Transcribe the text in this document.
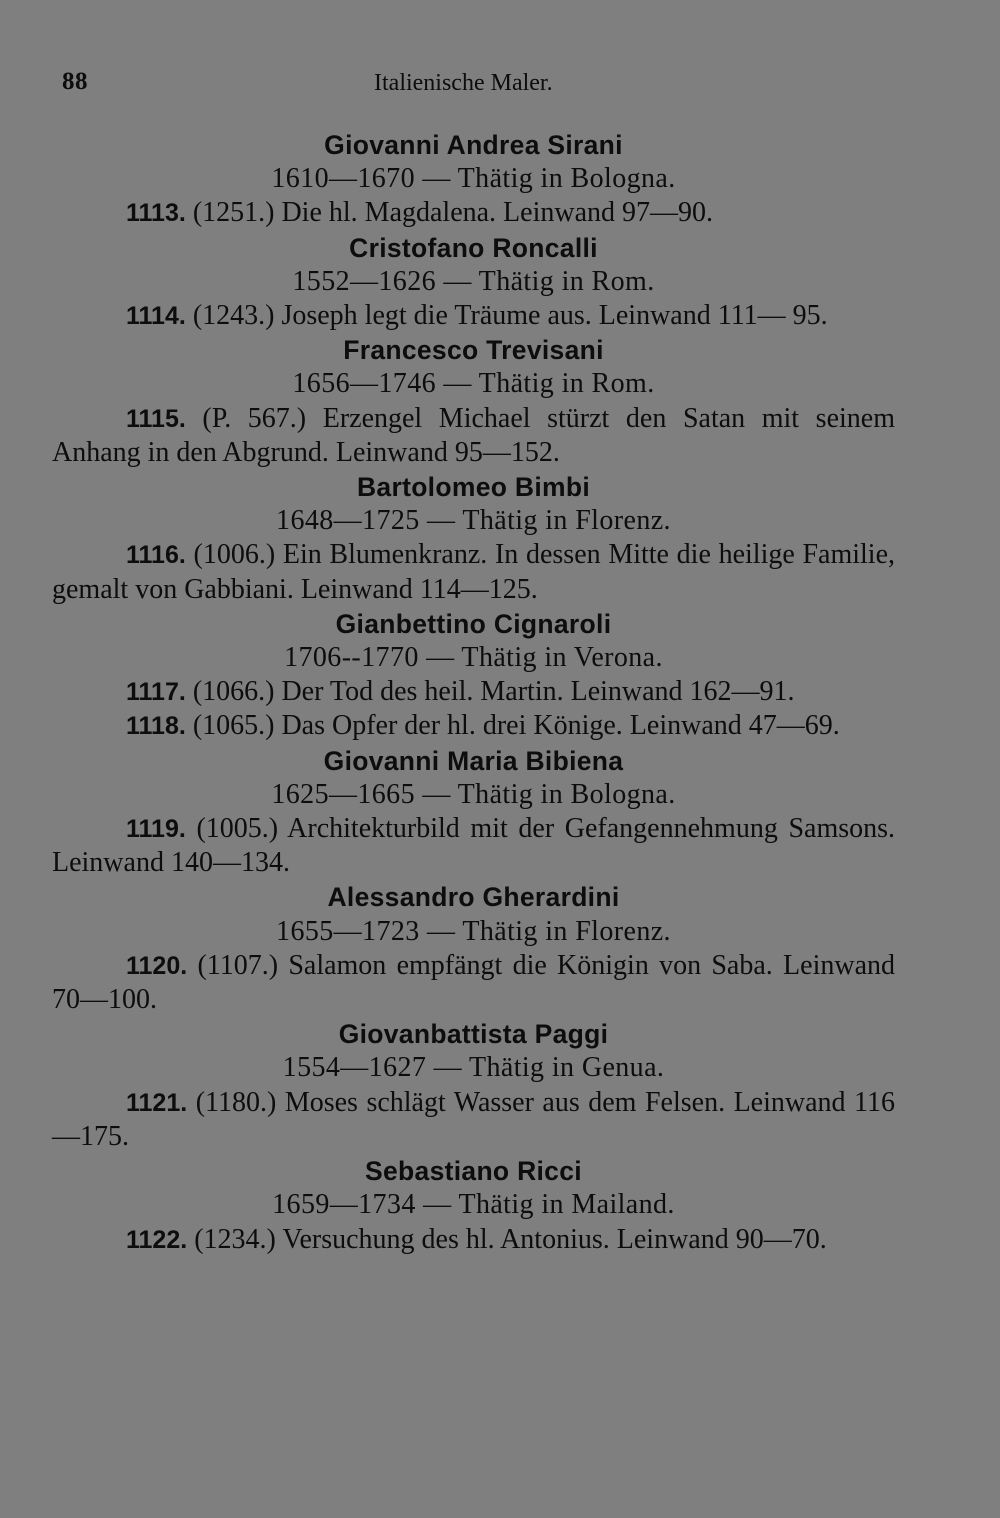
88	Italienische Maler.
Giovanni Andrea Sirani
1610—1670 — Thätig in Bologna.

1113. (1251.) Die hl. Magdalena. Leinwand 97—90.

Cristofano Roncalli
1552—1626 — Thätig in Rom.

1114. (1243.) Joseph legt die Träume aus. Leinwand 111— 95.

Francesco Trevisani
1656—1746 — Thätig in Rom.

1115. (P. 567.) Erzengel Michael stürzt den Satan mit seinem Anhang in den Abgrund. Leinwand 95—152.

Bartolomeo Bimbi
1648—1725 — Thätig in Florenz.

1116. (1006.) Ein Blumenkranz. In dessen Mitte die heilige Familie, gemalt von Gabbiani. Leinwand 114—125.

Gianbettino Cignaroli
1706--1770 — Thätig in Verona.

1117. (1066.) Der Tod des heil. Martin. Leinwand 162—91.

1118. (1065.) Das Opfer der hl. drei Könige. Leinwand 47—69.

Giovanni Maria Bibiena
1625—1665 — Thätig in Bologna.

1119. (1005.) Architekturbild mit der Gefangennehmung Samsons. Leinwand 140—134.

Alessandro Gherardini
1655—1723 — Thätig in Florenz.

1120. (1107.) Salamon empfängt die Königin von Saba. Leinwand 70—100.

Giovanbattista Paggi
1554—1627 — Thätig in Genua.

1121. (1180.) Moses schlägt Wasser aus dem Felsen. Leinwand 116—175.

Sebastiano Ricci
1659—1734 — Thätig in Mailand.

1122. (1234.) Versuchung des hl. Antonius. Leinwand 90—70.
